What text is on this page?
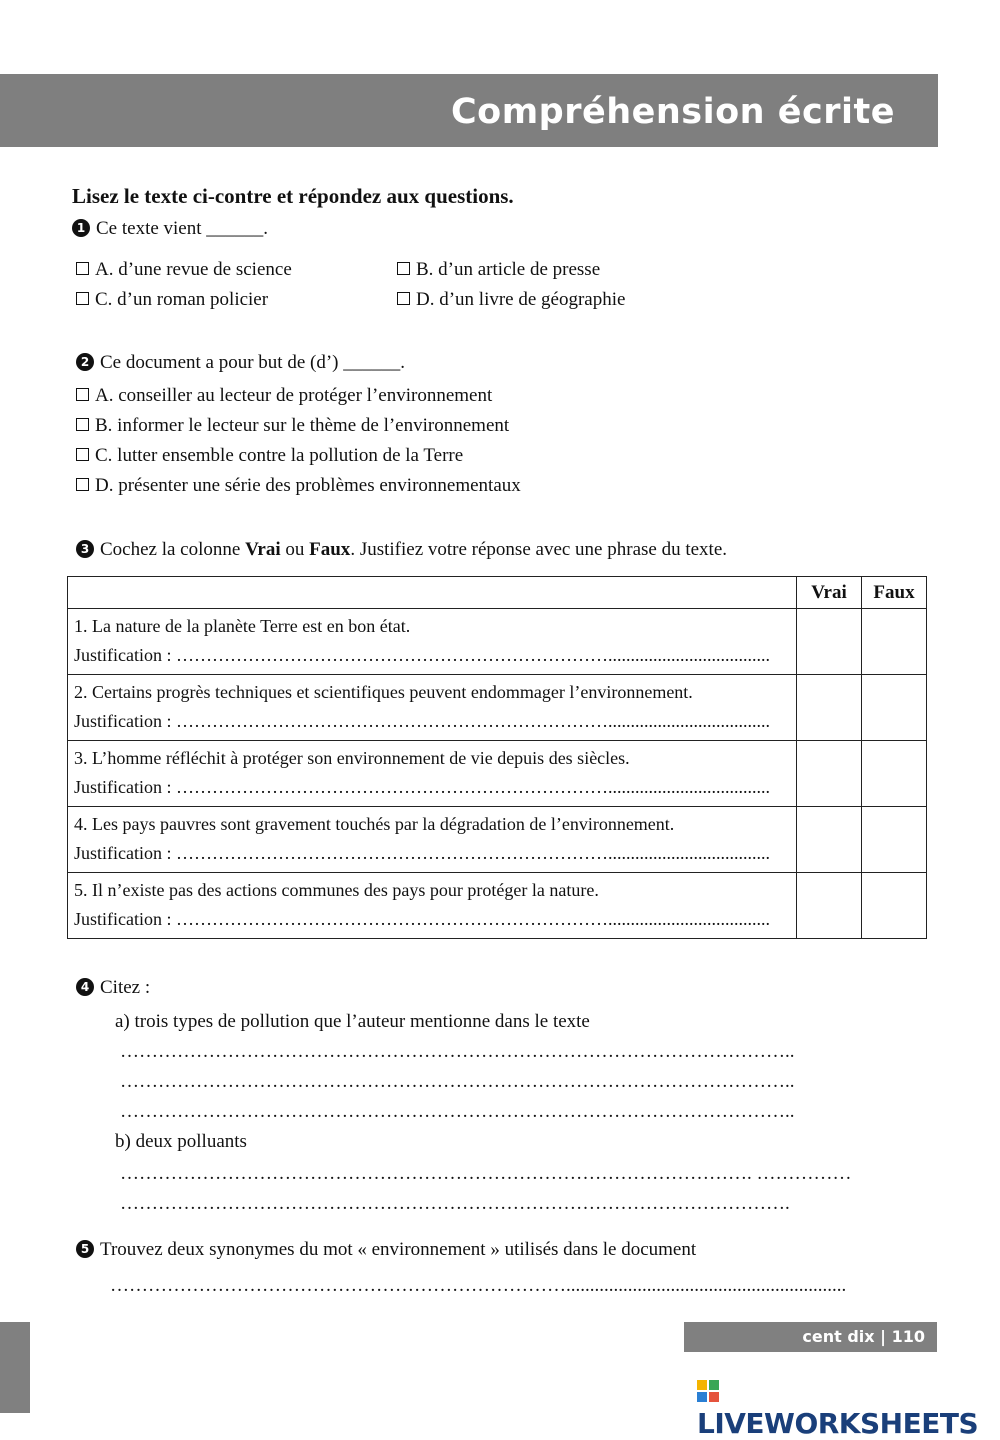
Compréhension écrite
Lisez le texte ci-contre et répondez aux questions.
1 Ce texte vient ______.
A. d’une revue de science	B. d’un article de presse
C. d’un roman policier	D. d’un livre de géographie
2 Ce document a pour but de (d’) ______.
A. conseiller au lecteur de protéger l’environnement
B. informer le lecteur sur le thème de l’environnement
C. lutter ensemble contre la pollution de la Terre
D. présenter une série des problèmes environnementaux
3 Cochez la colonne Vrai ou Faux. Justifiez votre réponse avec une phrase du texte.
	Vrai	Faux

1. La nature de la planète Terre est en bon état.
Justification : ………………………………………………………………....................................		

2. Certains progrès techniques et scientifiques peuvent endommager l’environnement.
Justification : ………………………………………………………………....................................		

3. L’homme réfléchit à protéger son environnement de vie depuis des siècles.
Justification : ………………………………………………………………....................................		

4. Les pays pauvres sont gravement touchés par la dégradation de l’environnement.
Justification : ………………………………………………………………....................................		

5. Il n’existe pas des actions communes des pays pour protéger la nature.
Justification : ………………………………………………………………....................................		

4 Citez :
a) trois types de pollution que l’auteur mentionne dans le texte
……………………………………………………………………………………………..
……………………………………………………………………………………………..
……………………………………………………………………………………………..
b) deux polluants
………………………………………………………………………………………. ……………
…………………………………………………………………………………………….
5 Trouvez deux synonymes du mot « environnement » utilisés dans le document
………………………………………………………………...........................................................
cent dix | 110
LIVEWORKSHEETS
